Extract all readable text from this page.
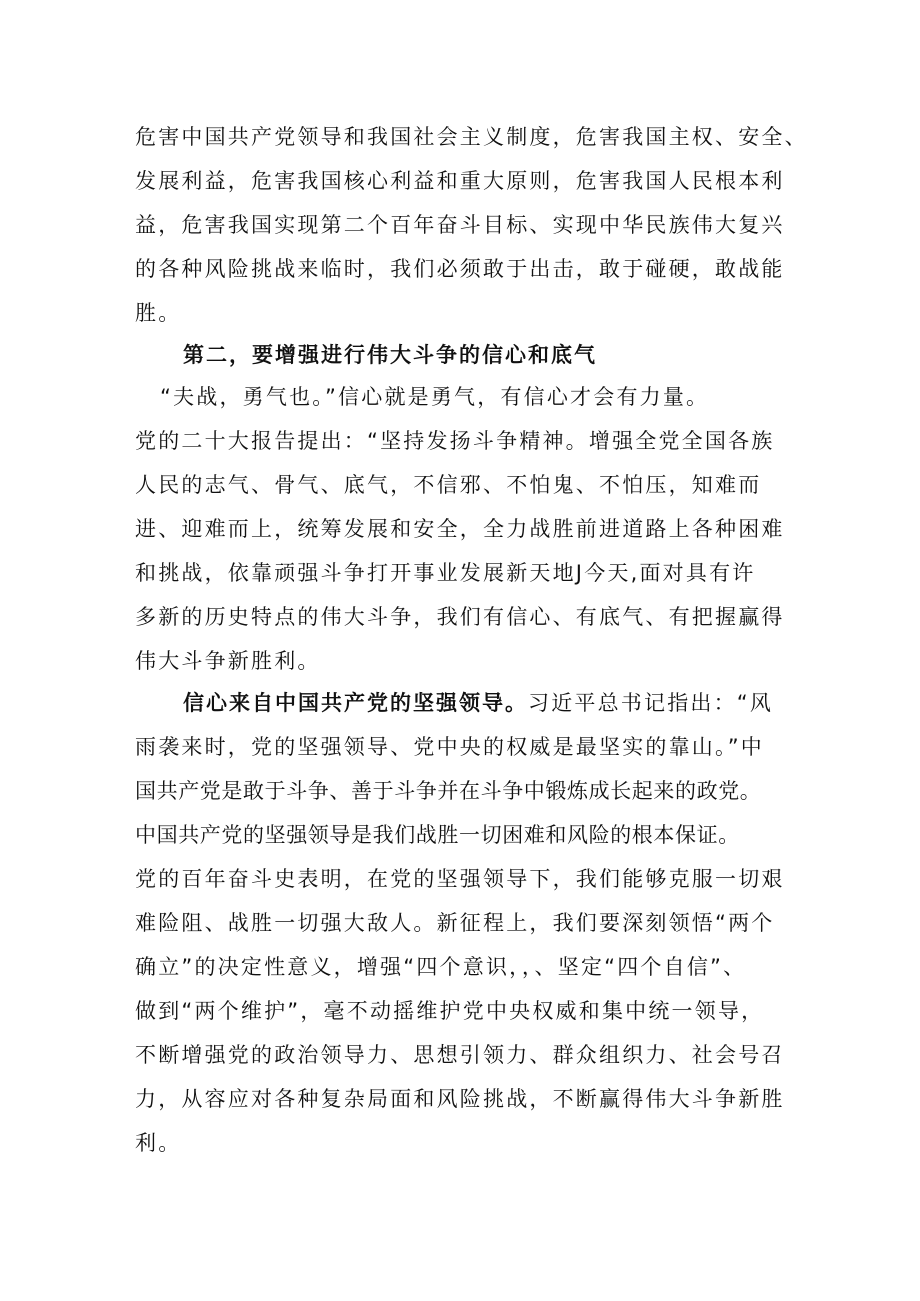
危害中国共产党领导和我国社会主义制度，危害我国主权、安全、

发展利益，危害我国核心利益和重大原则，危害我国人民根本利

益，危害我国实现第二个百年奋斗目标、实现中华民族伟大复兴

的各种风险挑战来临时，我们必须敢于出击，敢于碰硬，敢战能

胜。

第二，要增强进行伟大斗争的信心和底气

“夫战，勇气也。”信心就是勇气，有信心才会有力量。

党的二十大报告提出：“坚持发扬斗争精神。增强全党全国各族

人民的志气、骨气、底气，不信邪、不怕鬼、不怕压，知难而

进、迎难而上，统筹发展和安全，全力战胜前进道路上各种困难

和挑战，依靠顽强斗争打开事业发展新天地J今天,面对具有许

多新的历史特点的伟大斗争，我们有信心、有底气、有把握赢得

伟大斗争新胜利。

信心来自中国共产党的坚强领导。习近平总书记指出：“风

雨袭来时，党的坚强领导、党中央的权威是最坚实的靠山。”中

国共产党是敢于斗争、善于斗争并在斗争中锻炼成长起来的政党。

中国共产党的坚强领导是我们战胜一切困难和风险的根本保证。

党的百年奋斗史表明，在党的坚强领导下，我们能够克服一切艰

难险阻、战胜一切强大敌人。新征程上，我们要深刻领悟“两个

确立”的决定性意义，增强“四个意识，，、坚定“四个自信”、

做到“两个维护”，毫不动摇维护党中央权威和集中统一领导，

不断增强党的政治领导力、思想引领力、群众组织力、社会号召

力，从容应对各种复杂局面和风险挑战，不断赢得伟大斗争新胜

利。
